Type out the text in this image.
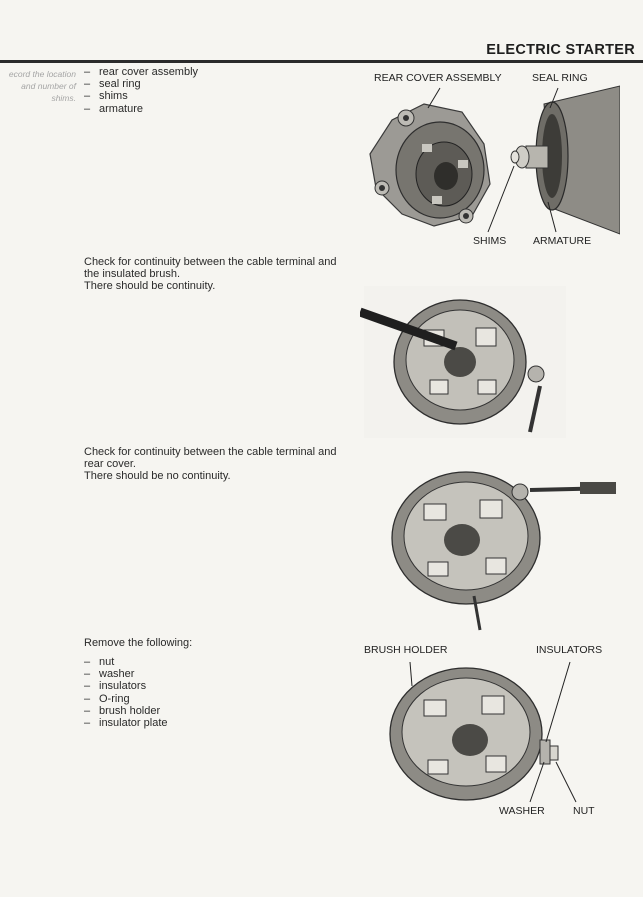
ELECTRIC STARTER
ecord the location
and number of
shims.
– rear cover assembly
– seal ring
– shims
– armature
REAR COVER ASSEMBLY	SEAL RING
SHIMS	ARMATURE
Check for continuity between the cable terminal and
the insulated brush.
There should be continuity.
Check for continuity between the cable terminal and
rear cover.
There should be no continuity.
Remove the following:
– nut
– washer
– insulators
– O-ring
– brush holder
– insulator plate
BRUSH HOLDER	INSULATORS
WASHER	NUT
